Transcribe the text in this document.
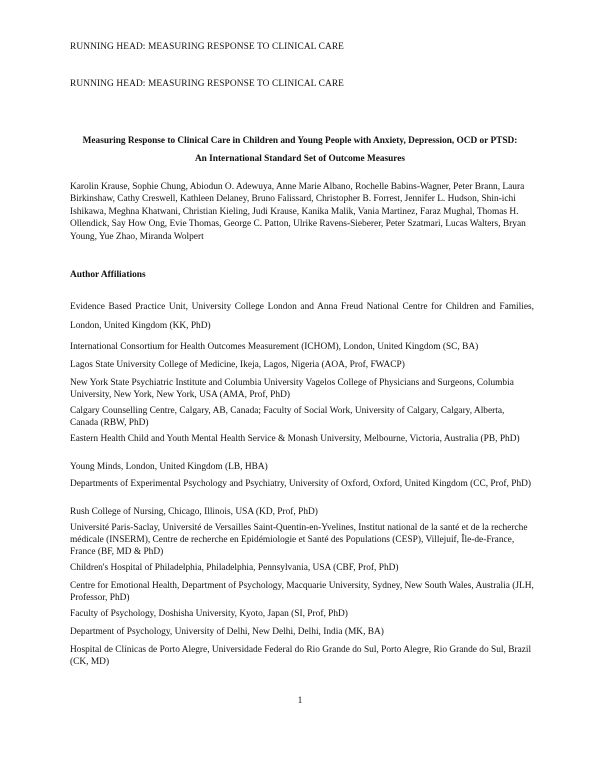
RUNNING HEAD: MEASURING RESPONSE TO CLINICAL CARE
RUNNING HEAD: MEASURING RESPONSE TO CLINICAL CARE
Measuring Response to Clinical Care in Children and Young People with Anxiety, Depression, OCD or PTSD:
An International Standard Set of Outcome Measures
Karolin Krause, Sophie Chung, Abiodun O. Adewuya, Anne Marie Albano, Rochelle Babins-Wagner, Peter Brann, Laura Birkinshaw, Cathy Creswell, Kathleen Delaney, Bruno Falissard, Christopher B. Forrest, Jennifer L. Hudson, Shin-ichi Ishikawa, Meghna Khatwani, Christian Kieling, Judi Krause, Kanika Malik, Vania Martinez, Faraz Mughal, Thomas H. Ollendick, Say How Ong, Evie Thomas, George C. Patton, Ulrike Ravens-Sieberer, Peter Szatmari, Lucas Walters, Bryan Young, Yue Zhao, Miranda Wolpert
Author Affiliations
Evidence Based Practice Unit, University College London and Anna Freud National Centre for Children and Families, London, United Kingdom (KK, PhD)
International Consortium for Health Outcomes Measurement (ICHOM), London, United Kingdom (SC, BA)
Lagos State University College of Medicine, Ikeja, Lagos, Nigeria (AOA, Prof, FWACP)
New York State Psychiatric Institute and Columbia University Vagelos College of Physicians and Surgeons, Columbia University, New York, New York, USA (AMA, Prof, PhD)
Calgary Counselling Centre, Calgary, AB, Canada; Faculty of Social Work, University of Calgary, Calgary, Alberta, Canada (RBW, PhD)
Eastern Health Child and Youth Mental Health Service & Monash University, Melbourne, Victoria, Australia (PB, PhD)
Young Minds, London, United Kingdom (LB, HBA)
Departments of Experimental Psychology and Psychiatry, University of Oxford, Oxford, United Kingdom (CC, Prof, PhD)
Rush College of Nursing, Chicago, Illinois, USA (KD, Prof, PhD)
Université Paris-Saclay, Université de Versailles Saint-Quentin-en-Yvelines, Institut national de la santé et de la recherche médicale (INSERM), Centre de recherche en Epidémiologie et Santé des Populations (CESP), Villejuif, Île-de-France, France (BF, MD & PhD)
Children's Hospital of Philadelphia, Philadelphia, Pennsylvania, USA (CBF, Prof, PhD)
Centre for Emotional Health, Department of Psychology, Macquarie University, Sydney, New South Wales, Australia (JLH, Professor, PhD)
Faculty of Psychology, Doshisha University, Kyoto, Japan (SI, Prof, PhD)
Department of Psychology, University of Delhi, New Delhi, Delhi, India (MK, BA)
Hospital de Clínicas de Porto Alegre, Universidade Federal do Rio Grande do Sul, Porto Alegre, Rio Grande do Sul, Brazil (CK, MD)
1
